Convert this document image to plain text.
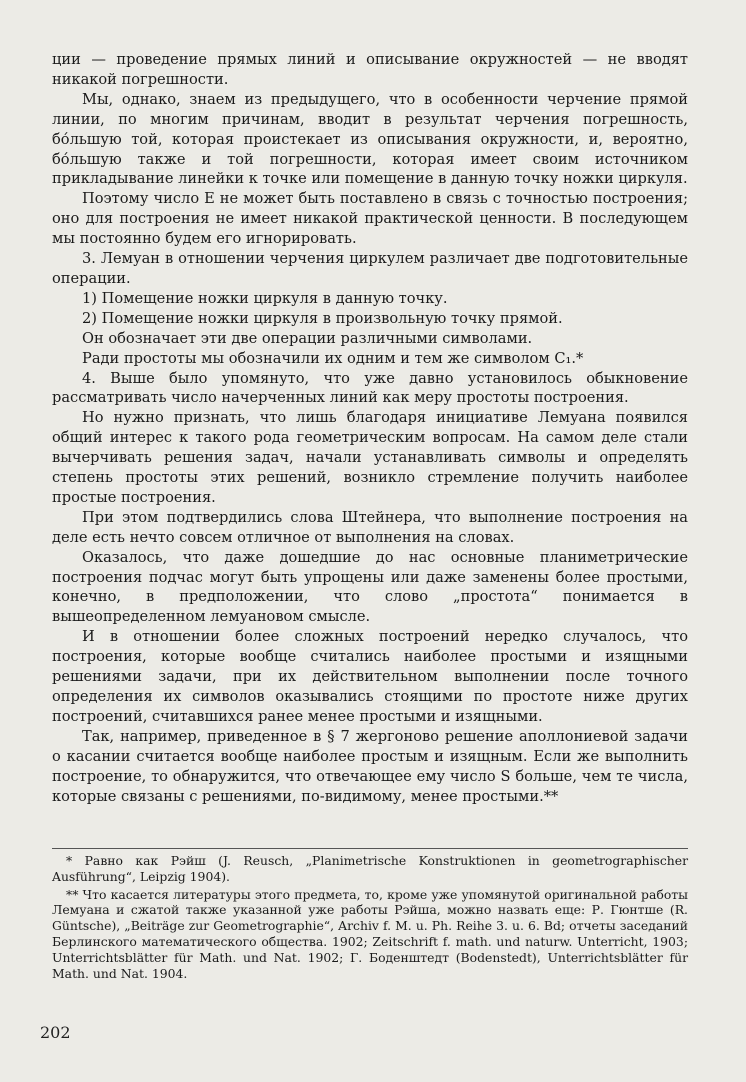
ции — проведение прямых линий и описывание окружностей — не вводят никакой погрешности.

Мы, однако, знаем из предыдущего, что в особенности черчение прямой линии, по многим причинам, вводит в результат черчения погрешность, бо́льшую той, которая проистекает из описывания окружности, и, вероятно, бо́льшую также и той погрешности, которая имеет своим источником прикладывание линейки к точке или помещение в данную точку ножки циркуля.

Поэтому число E не может быть поставлено в связь с точностью построения; оно для построения не имеет никакой практической ценности. В последующем мы постоянно будем его игнорировать.

3. Лемуан в отношении черчения циркулем различает две подготовительные операции.

1) Помещение ножки циркуля в данную точку.

2) Помещение ножки циркуля в произвольную точку прямой.

Он обозначает эти две операции различными символами.

Ради простоты мы обозначили их одним и тем же символом C₁.*

4. Выше было упомянуто, что уже давно установилось обыкновение рассматривать число начерченных линий как меру простоты построения.

Но нужно признать, что лишь благодаря инициативе Лемуана появился общий интерес к такого рода геометрическим вопросам. На самом деле стали вычерчивать решения задач, начали устанавливать символы и определять степень простоты этих решений, возникло стремление получить наиболее простые построения.

При этом подтвердились слова Штейнера, что выполнение построения на деле есть нечто совсем отличное от выполнения на словах.

Оказалось, что даже дошедшие до нас основные планиметрические построения подчас могут быть упрощены или даже заменены более простыми, конечно, в предположении, что слово „простота“ понимается в вышеопределенном лемуановом смысле.

И в отношении более сложных построений нередко случалось, что построения, которые вообще считались наиболее простыми и изящными решениями задачи, при их действительном выполнении после точного определения их символов оказывались стоящими по простоте ниже других построений, считавшихся ранее менее простыми и изящными.

Так, например, приведенное в § 7 жергоново решение аполлониевой задачи о касании считается вообще наиболее простым и изящным. Если же выполнить построение, то обнаружится, что отвечающее ему число S больше, чем те числа, которые связаны с решениями, по-видимому, менее простыми.**

* Равно как Рэйш (J. Reusch, „Planimetrische Konstruktionen in geometrographischer Ausführung“, Leipzig 1904).

** Что касается литературы этого предмета, то, кроме уже упомянутой оригинальной работы Лемуана и сжатой также указанной уже работы Рэйша, можно назвать еще: Р. Гюнтше (R. Güntsche), „Beiträge zur Geometrographie“, Archiv f. M. u. Ph. Reihe 3. u. 6. Bd; отчеты заседаний Берлинского математического общества. 1902; Zeitschrift f. math. und naturw. Unterricht, 1903; Unterrichtsblätter für Math. und Nat. 1902; Г. Боденштедт (Bodenstedt), Unterrichtsblätter für Math. und Nat. 1904.

202
